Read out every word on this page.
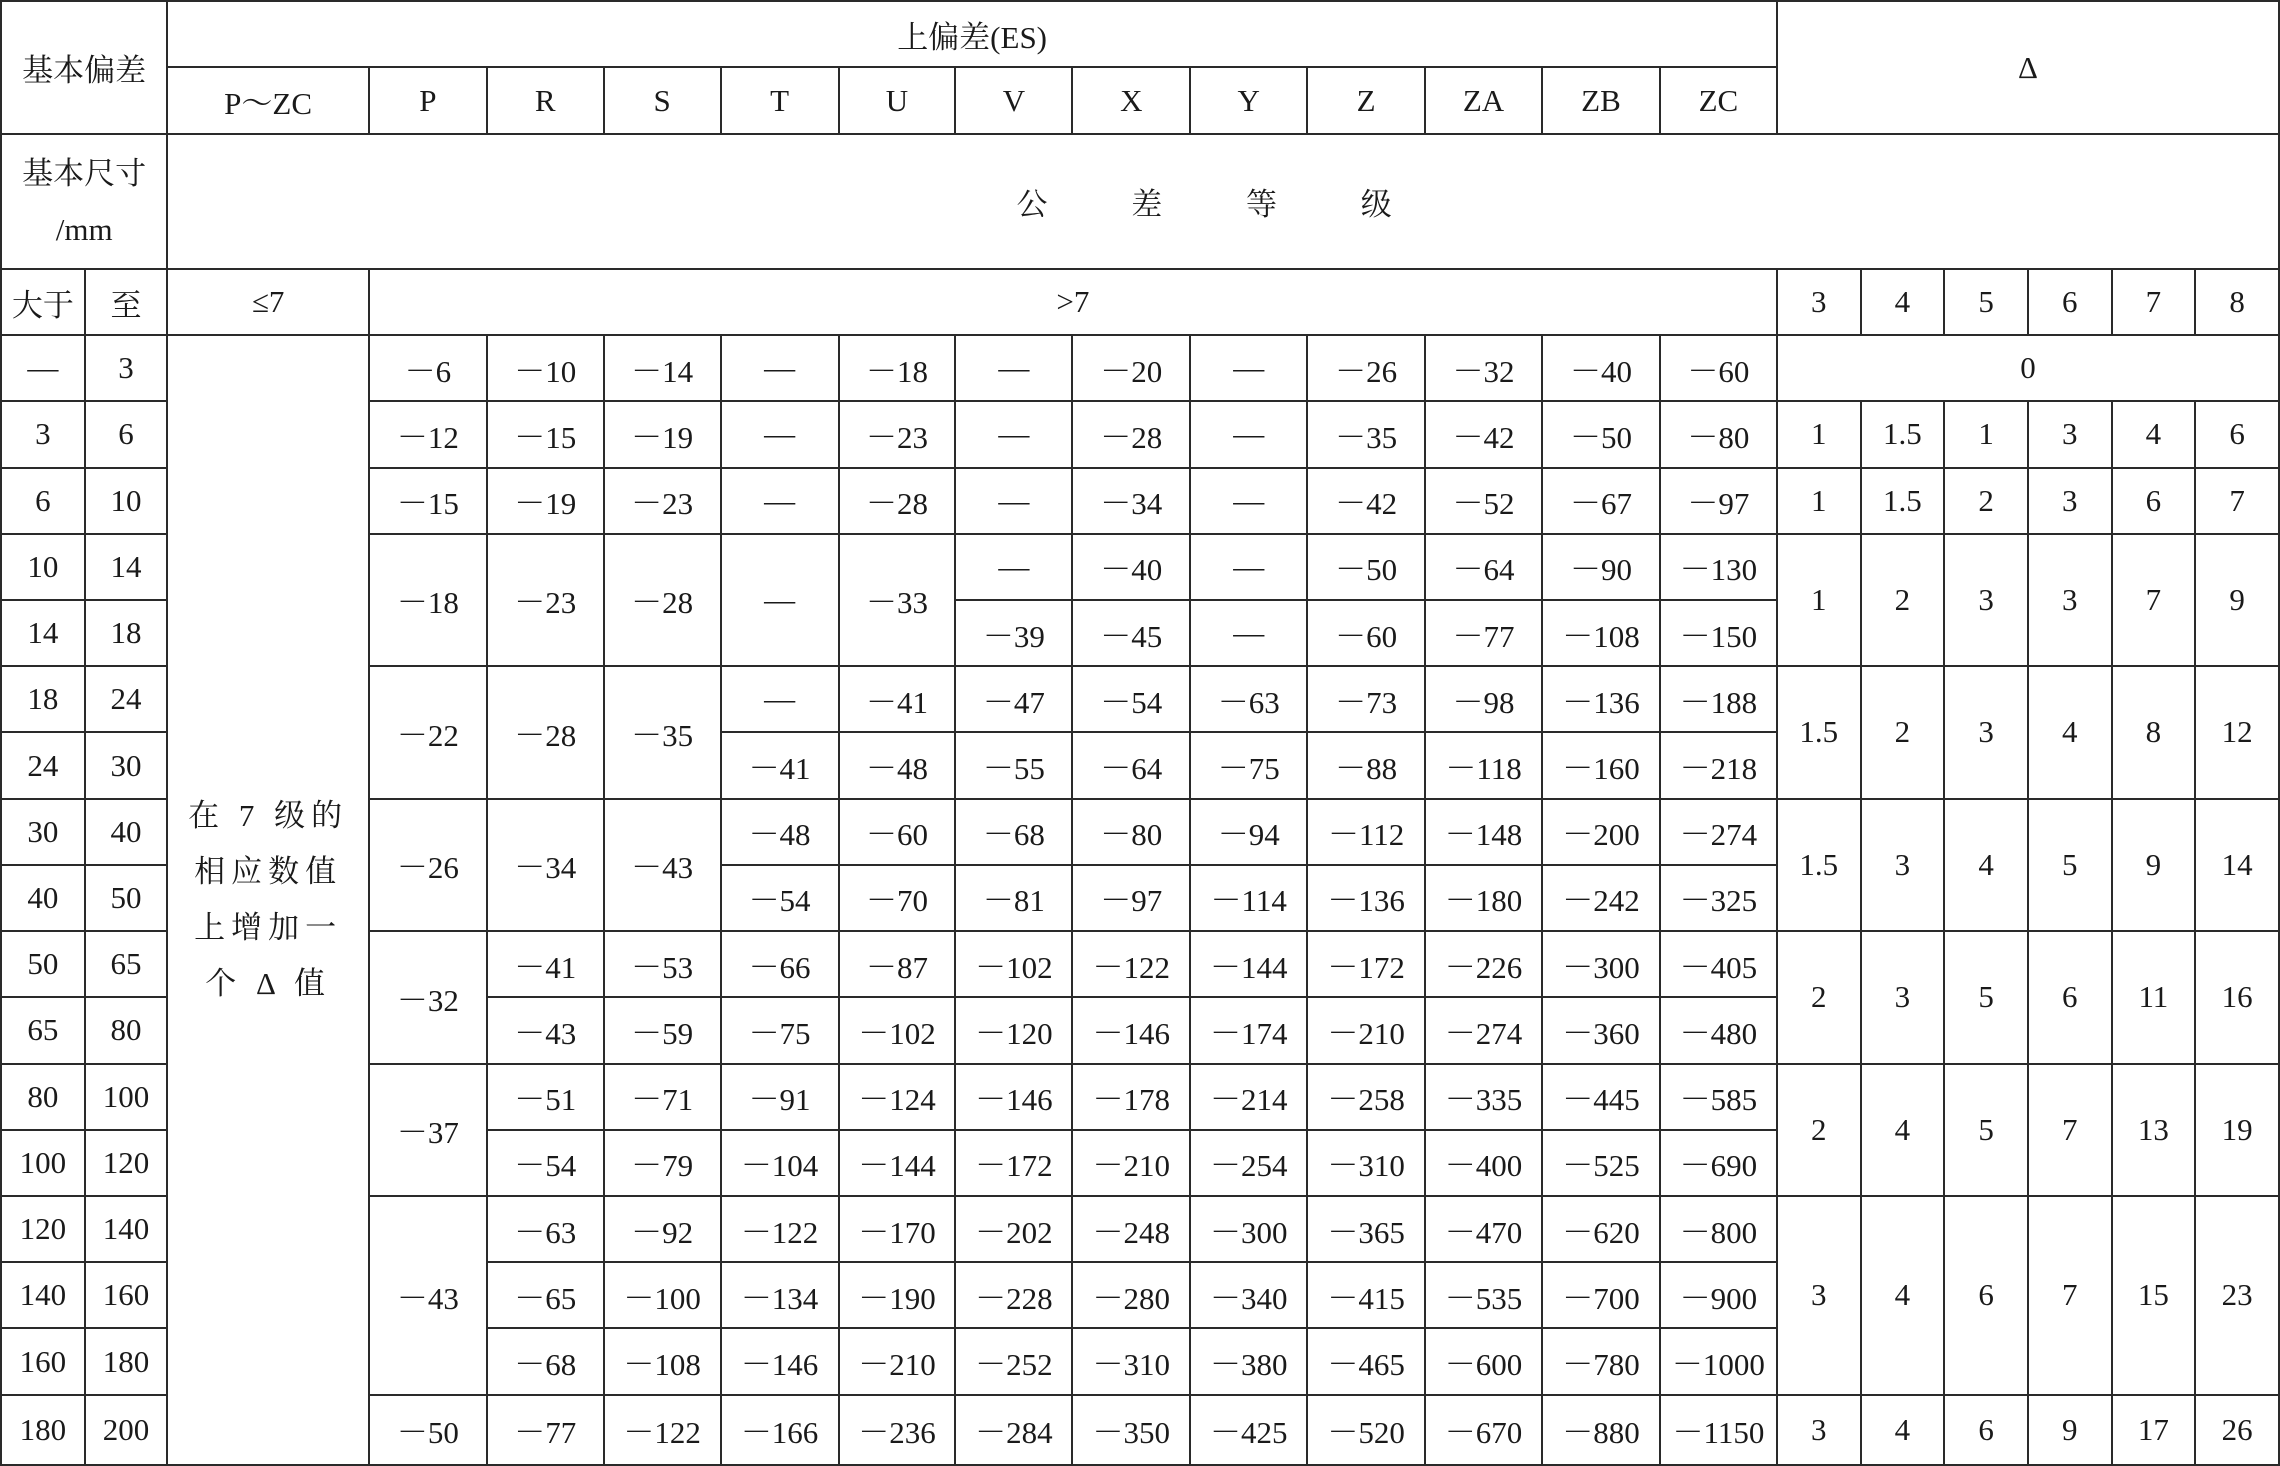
基本偏差		上偏差(ES)													Δ					
		P～ZC	P	R	S	T	U	V	X	Y	Z	ZA	ZB	ZC						
基本尺寸
/mm		公 差 等 级																		
大于	至	≤7	>7												3	4	5	6	7	8
—	3	在 7 级的相应数值上增加一个 Δ 值	－6	－10	－14	—	－18	—	－20	—	－26	－32	－40	－60	0					
3	6		－12	－15	－19	—	－23	—	－28	—	－35	－42	－50	－80	1	1.5	1	3	4	6
6	10		－15	－19	－23	—	－28	—	－34	—	－42	－52	－67	－97	1	1.5	2	3	6	7
10	14		－18	－23	－28	—	－33	—	－40	—	－50	－64	－90	－130	1	2	3	3	7	9
14	18							－39	－45	—	－60	－77	－108	－150						
18	24		－22	－28	－35	—	－41	－47	－54	－63	－73	－98	－136	－188	1.5	2	3	4	8	12
24	30					－41	－48	－55	－64	－75	－88	－118	－160	－218						
30	40		－26	－34	－43	－48	－60	－68	－80	－94	－112	－148	－200	－274	1.5	3	4	5	9	14
40	50					－54	－70	－81	－97	－114	－136	－180	－242	－325						
50	65		－32	－41	－53	－66	－87	－102	－122	－144	－172	－226	－300	－405	2	3	5	6	11	16
65	80			－43	－59	－75	－102	－120	－146	－174	－210	－274	－360	－480						
80	100		－37	－51	－71	－91	－124	－146	－178	－214	－258	－335	－445	－585	2	4	5	7	13	19
100	120			－54	－79	－104	－144	－172	－210	－254	－310	－400	－525	－690						
120	140		－43	－63	－92	－122	－170	－202	－248	－300	－365	－470	－620	－800	3	4	6	7	15	23
140	160			－65	－100	－134	－190	－228	－280	－340	－415	－535	－700	－900						
160	180			－68	－108	－146	－210	－252	－310	－380	－465	－600	－780	－1000						
180	200		－50	－77	－122	－166	－236	－284	－350	－425	－520	－670	－880	－1150	3	4	6	9	17	26
